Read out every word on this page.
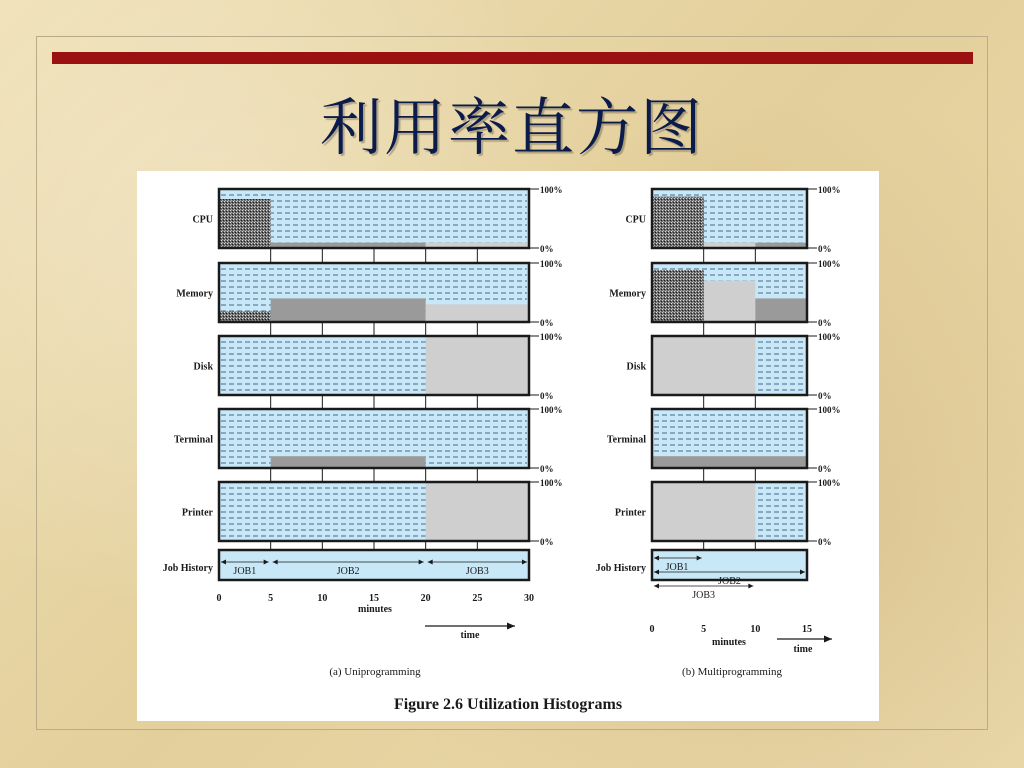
利用率直方图
CPU
100%
0%
Memory
100%
0%
Disk
100%
0%
Terminal
100%
0%
Printer
100%
0%
Job History JOB1	JOB2	JOB3
0	5	10	15	20	25	30
minutes
time
(a) Uniprogramming
CPU
100%
0%
Memory
100%
0%
Disk
100%
0%
Terminal
100%
0%
Printer
100%
0%
Job History JOB1
JOB2
JOB3
0	5	10	15
minutes
time
(b) Multiprogramming
Figure 2.6 Utilization Histograms
